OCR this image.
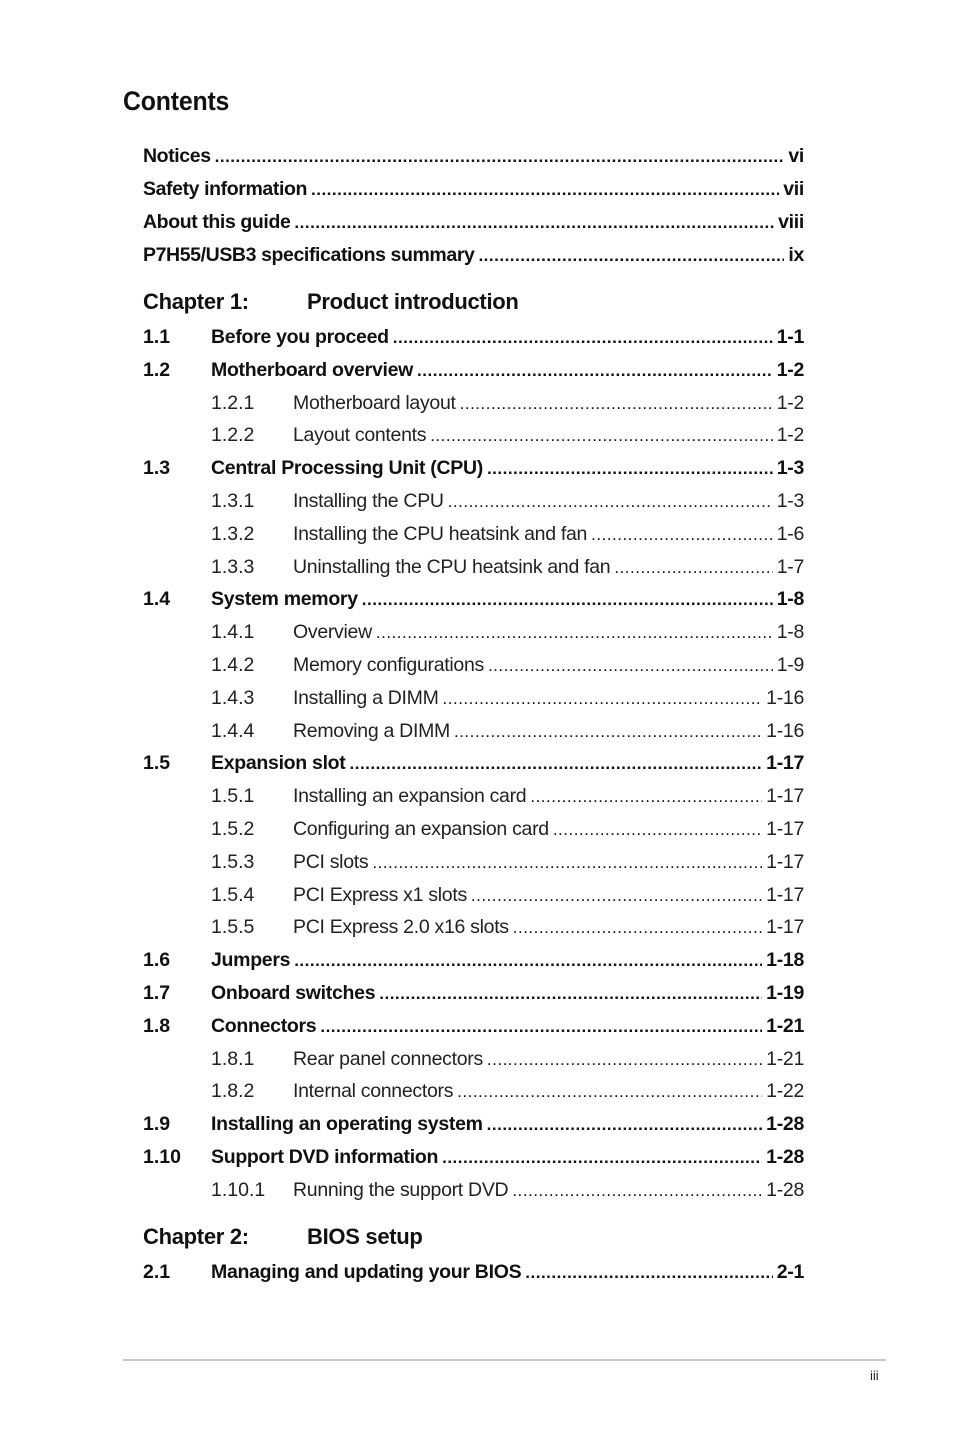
Contents
Notices .....	vi
Safety information .....	vii
About this guide .....	viii
P7H55/USB3 specifications summary .....	ix
Chapter 1:	Product introduction
1.1	Before you proceed .....	1-1
1.2	Motherboard overview .....	1-2
1.2.1	Motherboard layout .....	1-2
1.2.2	Layout contents .....	1-2
1.3	Central Processing Unit (CPU) .....	1-3
1.3.1	Installing the CPU .....	1-3
1.3.2	Installing the CPU heatsink and fan .....	1-6
1.3.3	Uninstalling the CPU heatsink and fan .....	1-7
1.4	System memory .....	1-8
1.4.1	Overview .....	1-8
1.4.2	Memory configurations .....	1-9
1.4.3	Installing a DIMM .....	1-16
1.4.4	Removing a DIMM .....	1-16
1.5	Expansion slot .....	1-17
1.5.1	Installing an expansion card .....	1-17
1.5.2	Configuring an expansion card .....	1-17
1.5.3	PCI slots .....	1-17
1.5.4	PCI Express x1 slots .....	1-17
1.5.5	PCI Express 2.0 x16 slots .....	1-17
1.6	Jumpers .....	1-18
1.7	Onboard switches .....	1-19
1.8	Connectors .....	1-21
1.8.1	Rear panel connectors .....	1-21
1.8.2	Internal connectors .....	1-22
1.9	Installing an operating system .....	1-28
1.10	Support DVD information .....	1-28
1.10.1	Running the support DVD .....	1-28
Chapter 2:	BIOS setup
2.1	Managing and updating your BIOS .....	2-1
iii
